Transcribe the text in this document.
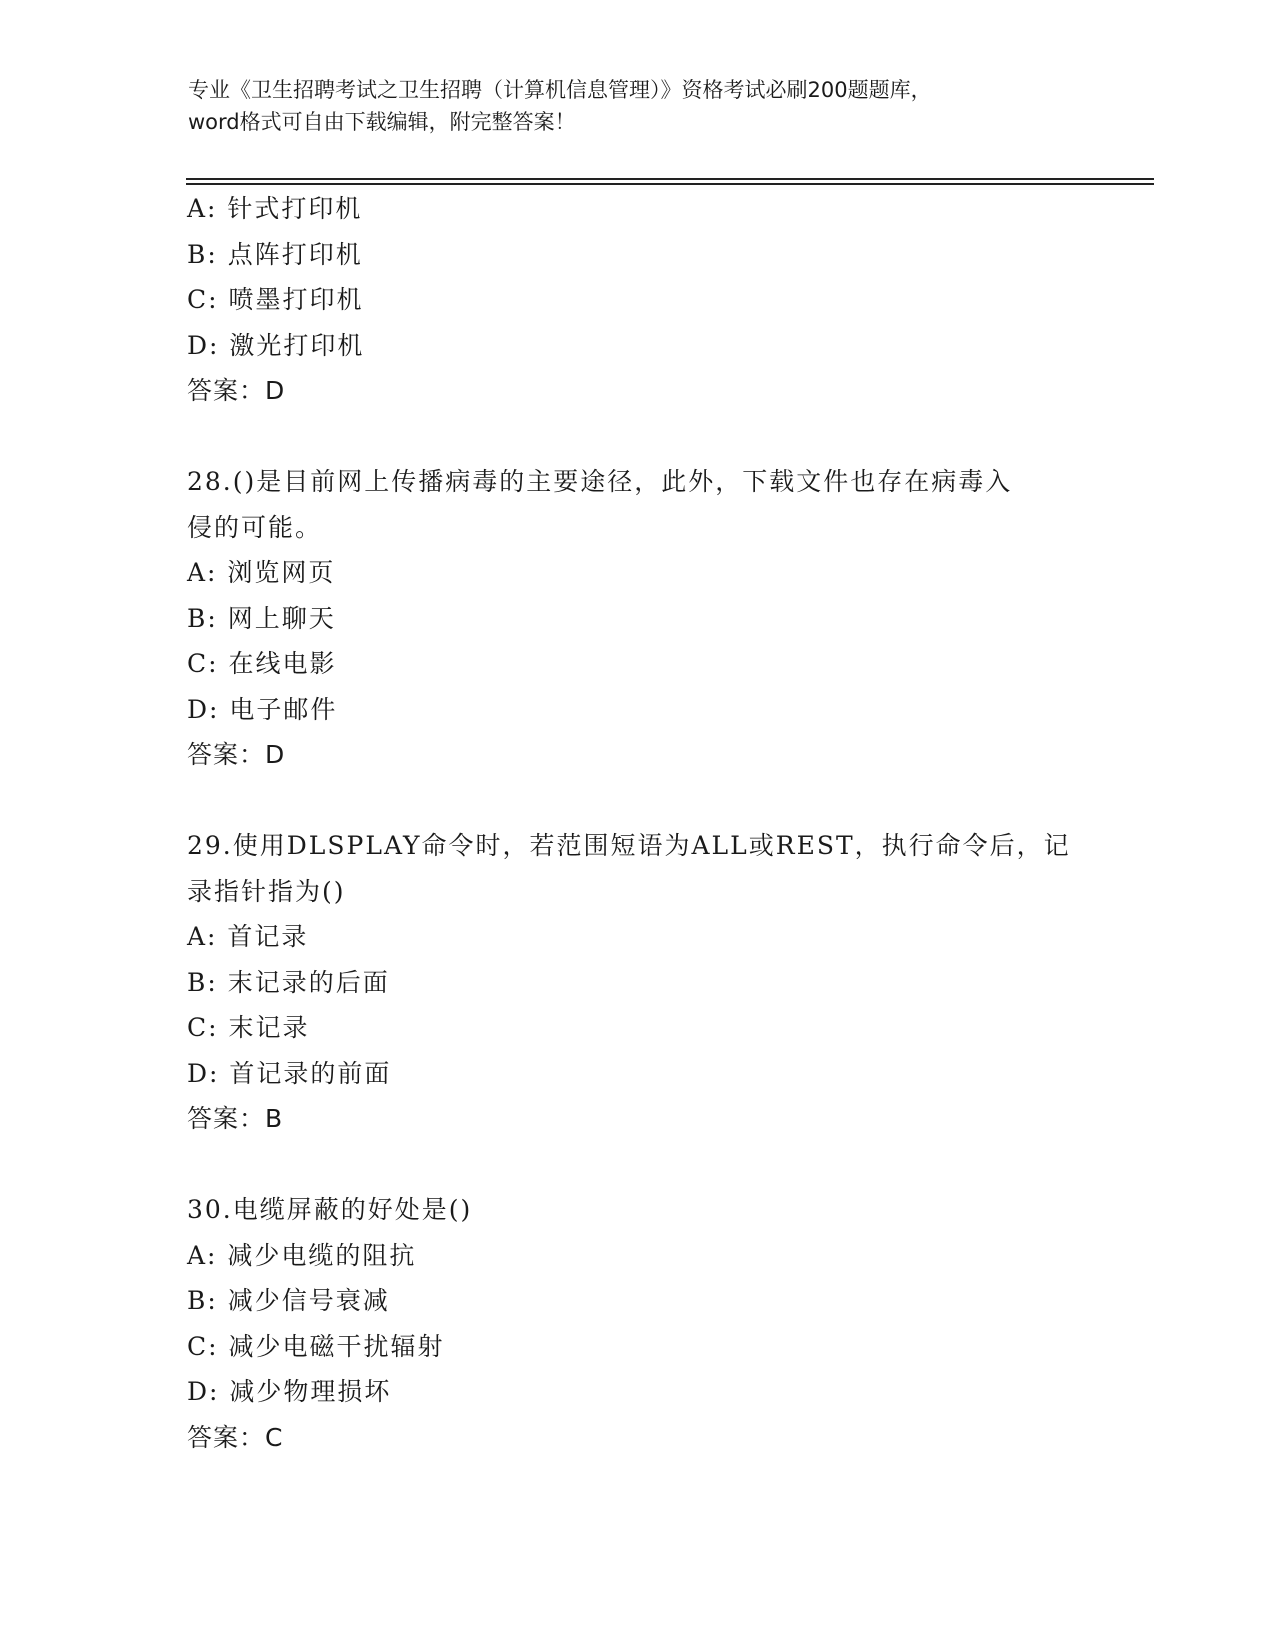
专业《卫生招聘考试之卫生招聘（计算机信息管理）》资格考试必刷200题题库，
word格式可自由下载编辑，附完整答案！
A: 针式打印机
B: 点阵打印机
C: 喷墨打印机
D: 激光打印机
答案：D
28.()是目前网上传播病毒的主要途径，此外，下载文件也存在病毒入
侵的可能。
A: 浏览网页
B: 网上聊天
C: 在线电影
D: 电子邮件
答案：D
29.使用DLSPLAY命令时，若范围短语为ALL或REST，执行命令后，记
录指针指为()
A: 首记录
B: 末记录的后面
C: 末记录
D: 首记录的前面
答案：B
30.电缆屏蔽的好处是()
A: 减少电缆的阻抗
B: 减少信号衰减
C: 减少电磁干扰辐射
D: 减少物理损坏
答案：C
